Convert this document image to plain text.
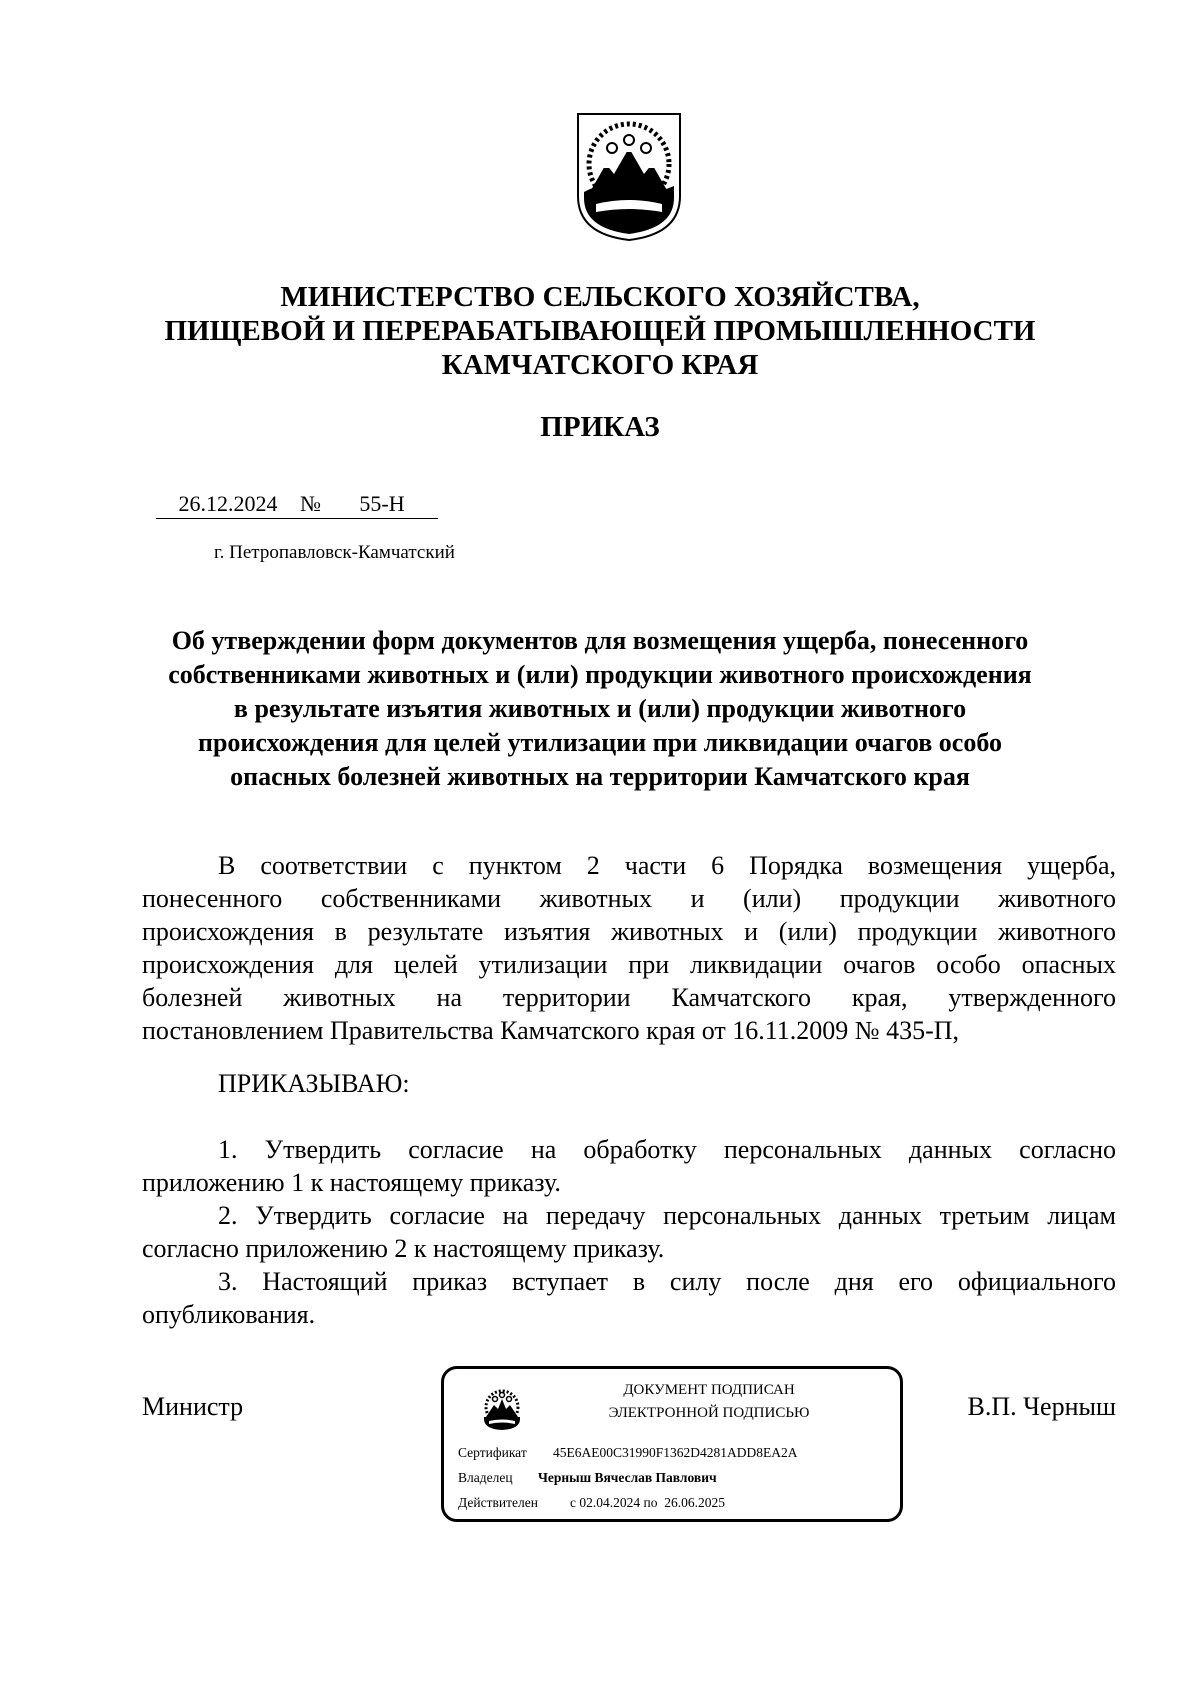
МИНИСТЕРСТВО СЕЛЬСКОГО ХОЗЯЙСТВА,
ПИЩЕВОЙ И ПЕРЕРАБАТЫВАЮЩЕЙ ПРОМЫШЛЕННОСТИ
КАМЧАТСКОГО КРАЯ
ПРИКАЗ
26.12.2024 № 55-Н
г. Петропавловск-Камчатский
Об утверждении форм документов для возмещения ущерба, понесенного
собственниками животных и (или) продукции животного происхождения
в результате изъятия животных и (или) продукции животного
происхождения для целей утилизации при ликвидации очагов особо
опасных болезней животных на территории Камчатского края
В соответствии с пунктом 2 части 6 Порядка возмещения ущерба,
понесенного собственниками животных и (или) продукции животного
происхождения в результате изъятия животных и (или) продукции животного
происхождения для целей утилизации при ликвидации очагов особо опасных
болезней животных на территории Камчатского края, утвержденного
постановлением Правительства Камчатского края от 16.11.2009 № 435-П,
ПРИКАЗЫВАЮ:
1. Утвердить согласие на обработку персональных данных согласно
приложению 1 к настоящему приказу.
2. Утвердить согласие на передачу персональных данных третьим лицам
согласно приложению 2 к настоящему приказу.
3. Настоящий приказ вступает в силу после дня его официального
опубликования.
Министр	В.П. Черныш
ДОКУМЕНТ ПОДПИСАН
ЭЛЕКТРОННОЙ ПОДПИСЬЮ
Сертификат 45E6AE00C31990F1362D4281ADD8EA2A
Владелец Черныш Вячеслав Павлович
Действителен с 02.04.2024 по 26.06.2025
